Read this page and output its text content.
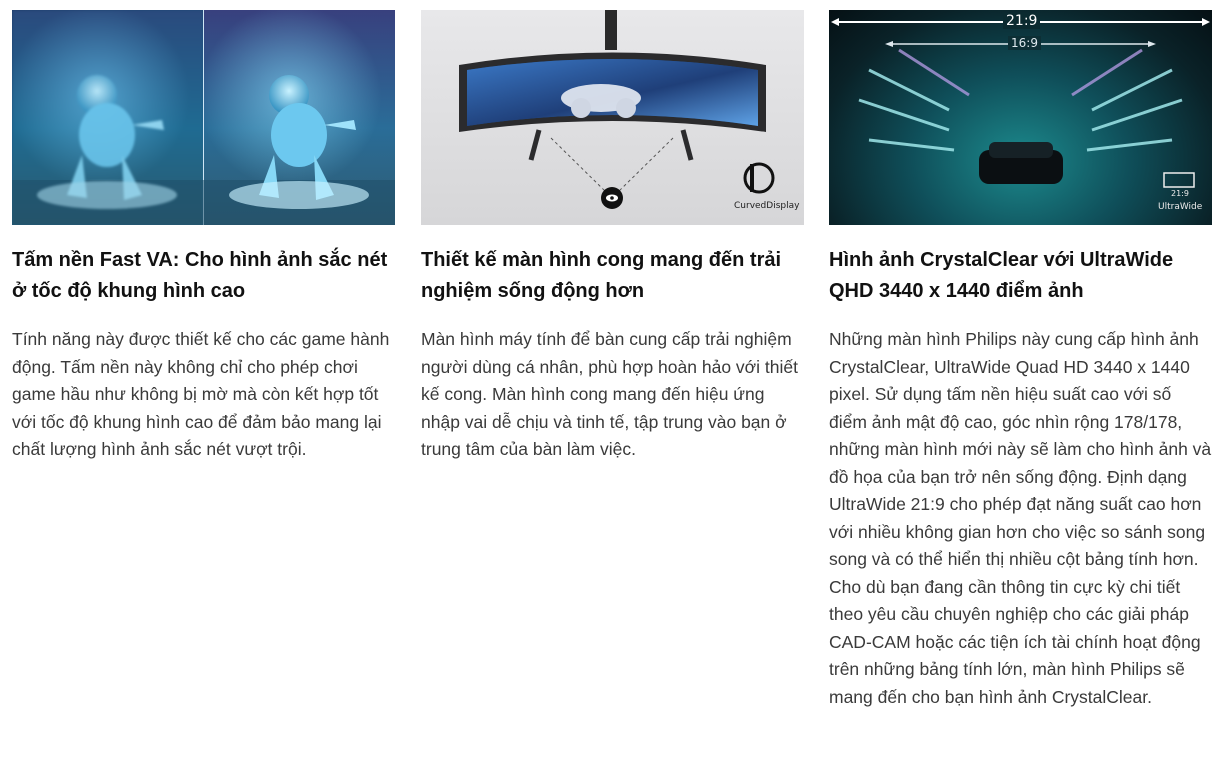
Tấm nền Fast VA: Cho hình ảnh sắc nét ở tốc độ khung hình cao

Tính năng này được thiết kế cho các game hành động. Tấm nền này không chỉ cho phép chơi game hầu như không bị mờ mà còn kết hợp tốt với tốc độ khung hình cao để đảm bảo mang lại chất lượng hình ảnh sắc nét vượt trội.

CurvedDisplay
Thiết kế màn hình cong mang đến trải nghiệm sống động hơn

Màn hình máy tính để bàn cung cấp trải nghiệm người dùng cá nhân, phù hợp hoàn hảo với thiết kế cong. Màn hình cong mang đến hiệu ứng nhập vai dễ chịu và tinh tế, tập trung vào bạn ở trung tâm của bàn làm việc.

21:9
16:9
21:9
UltraWide
Hình ảnh CrystalClear với UltraWide QHD 3440 x 1440 điểm ảnh

Những màn hình Philips này cung cấp hình ảnh CrystalClear, UltraWide Quad HD 3440 x 1440 pixel. Sử dụng tấm nền hiệu suất cao với số điểm ảnh mật độ cao, góc nhìn rộng 178/178, những màn hình mới này sẽ làm cho hình ảnh và đồ họa của bạn trở nên sống động. Định dạng UltraWide 21:9 cho phép đạt năng suất cao hơn với nhiều không gian hơn cho việc so sánh song song và có thể hiển thị nhiều cột bảng tính hơn. Cho dù bạn đang cần thông tin cực kỳ chi tiết theo yêu cầu chuyên nghiệp cho các giải pháp CAD-CAM hoặc các tiện ích tài chính hoạt động trên những bảng tính lớn, màn hình Philips sẽ mang đến cho bạn hình ảnh CrystalClear.
